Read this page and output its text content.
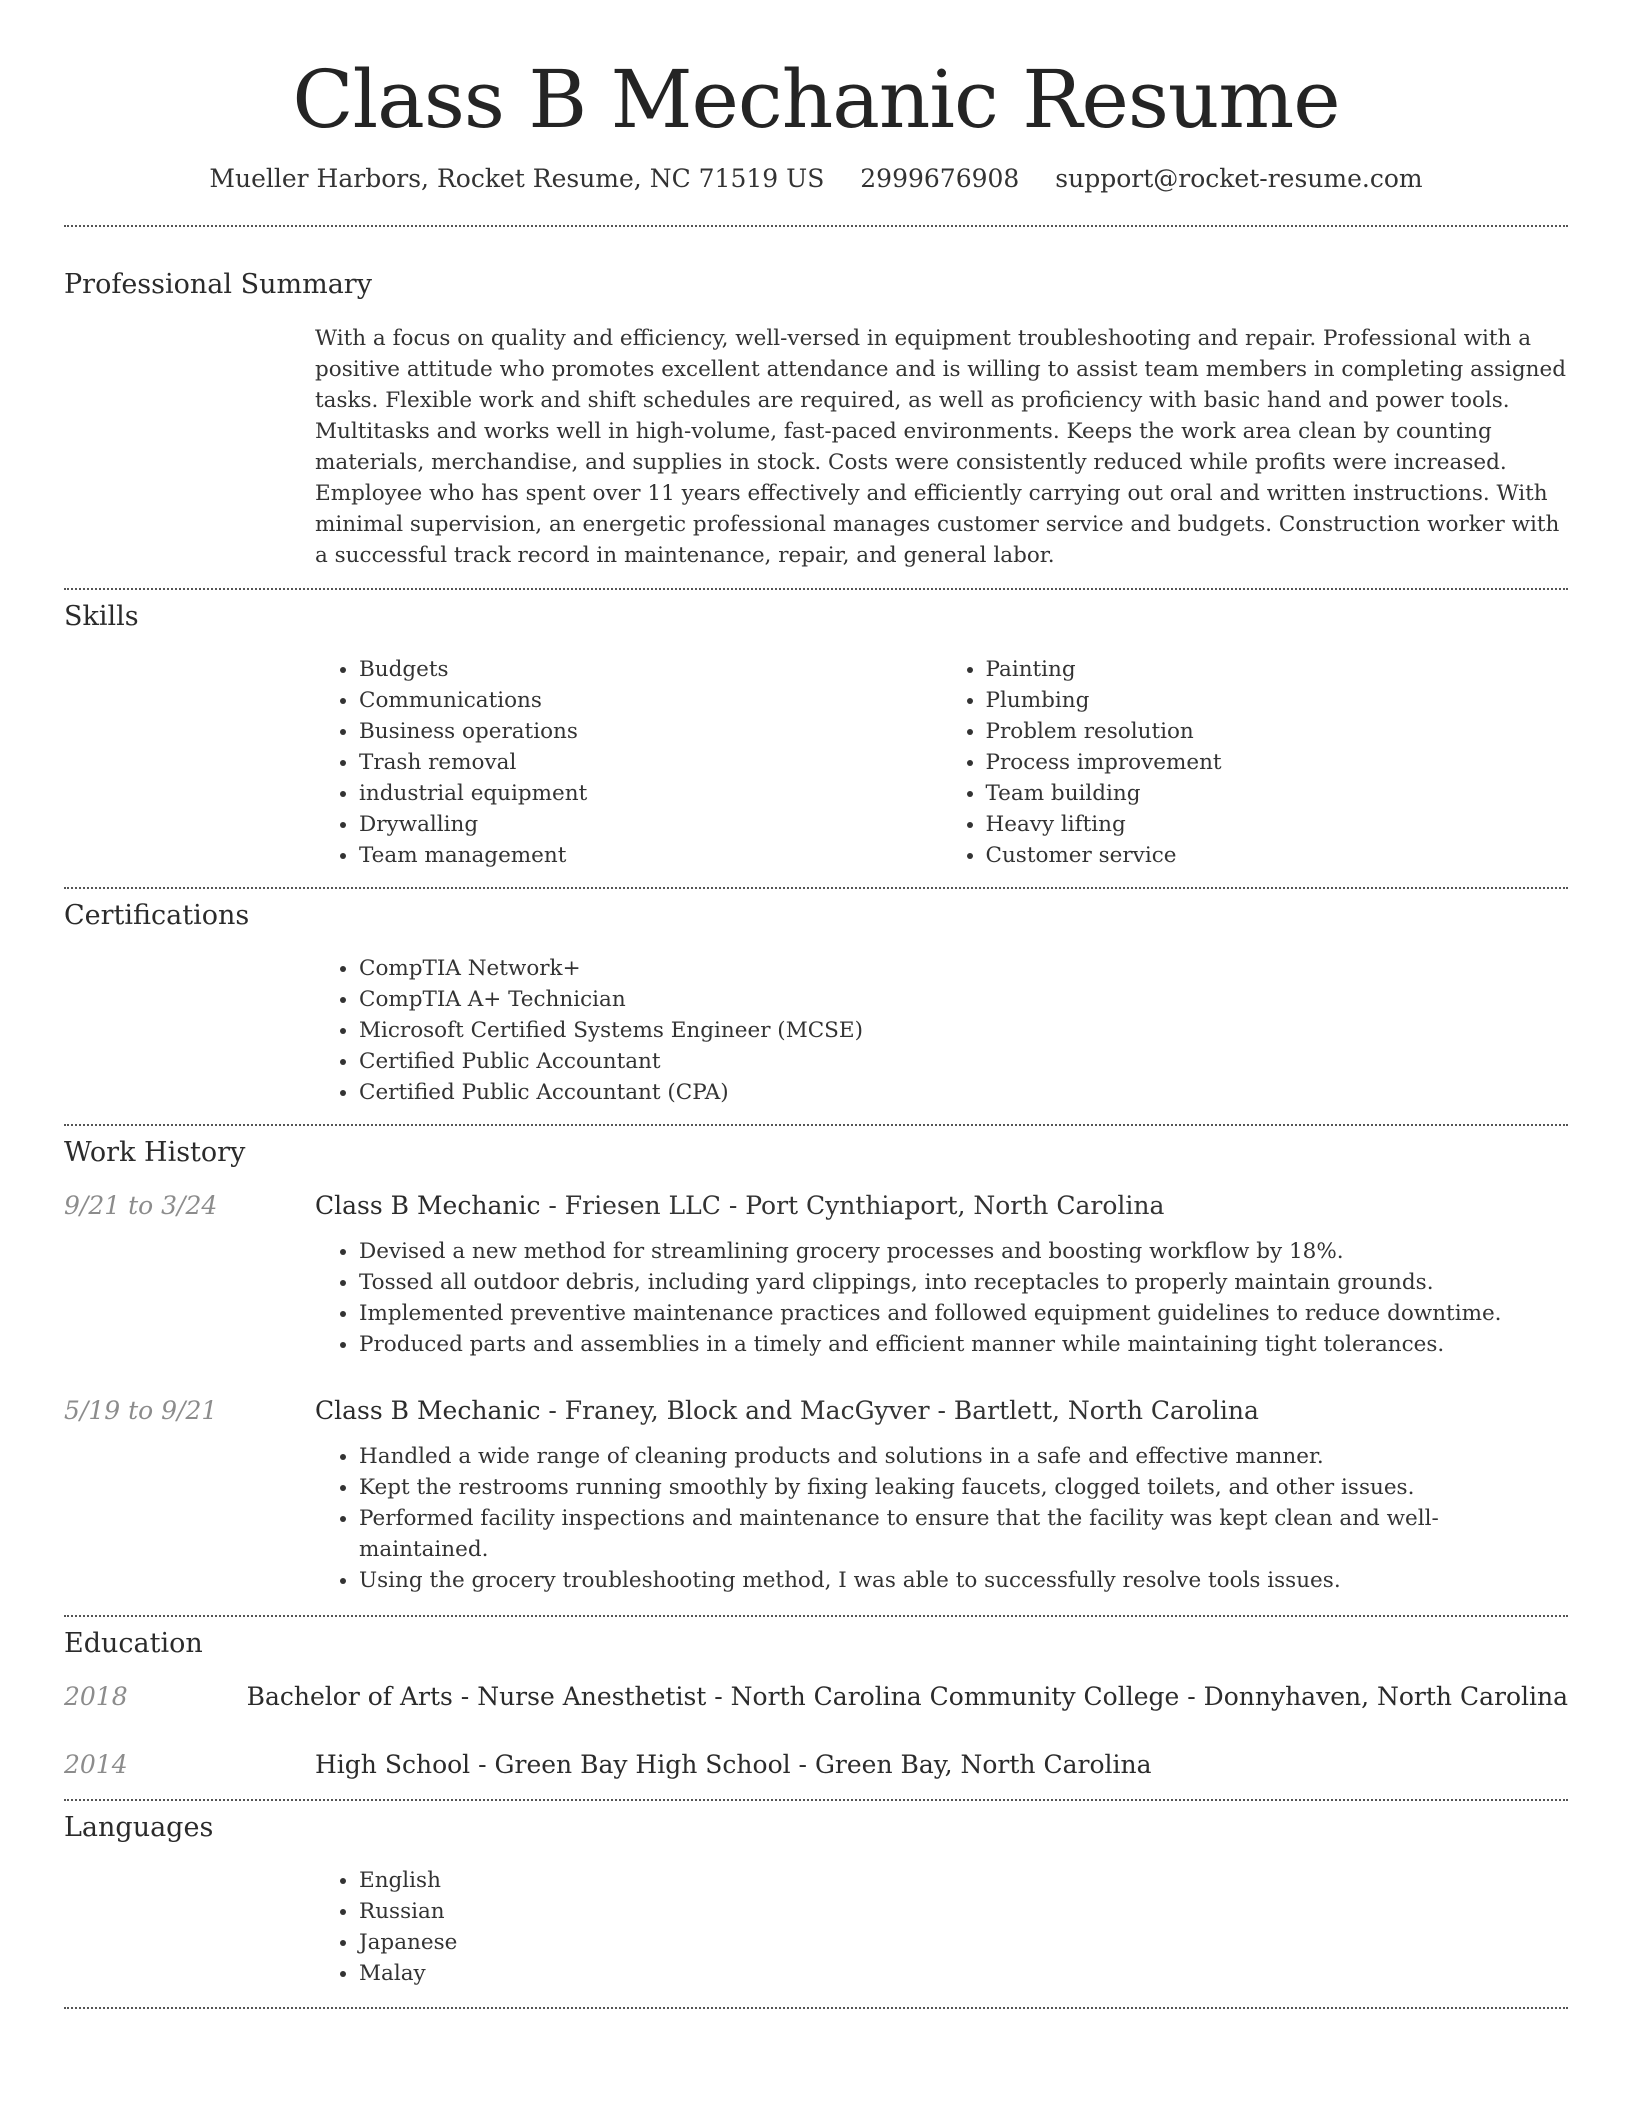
Class B Mechanic Resume
Mueller Harbors, Rocket Resume, NC 71519 US 2999676908 support@rocket-resume.com
Professional Summary
With a focus on quality and efficiency, well-versed in equipment troubleshooting and repair. Professional with a positive attitude who promotes excellent attendance and is willing to assist team members in completing assigned tasks. Flexible work and shift schedules are required, as well as proficiency with basic hand and power tools. Multitasks and works well in high-volume, fast-paced environments. Keeps the work area clean by counting materials, merchandise, and supplies in stock. Costs were consistently reduced while profits were increased. Employee who has spent over 11 years effectively and efficiently carrying out oral and written instructions. With minimal supervision, an energetic professional manages customer service and budgets. Construction worker with a successful track record in maintenance, repair, and general labor.
Skills
• Budgets
• Communications
• Business operations
• Trash removal
• industrial equipment
• Drywalling
• Team management
• Painting
• Plumbing
• Problem resolution
• Process improvement
• Team building
• Heavy lifting
• Customer service
Certifications
• CompTIA Network+
• CompTIA A+ Technician
• Microsoft Certified Systems Engineer (MCSE)
• Certified Public Accountant
• Certified Public Accountant (CPA)
Work History
9/21 to 3/24	Class B Mechanic - Friesen LLC - Port Cynthiaport, North Carolina
• Devised a new method for streamlining grocery processes and boosting workflow by 18%.
• Tossed all outdoor debris, including yard clippings, into receptacles to properly maintain grounds.
• Implemented preventive maintenance practices and followed equipment guidelines to reduce downtime.
• Produced parts and assemblies in a timely and efficient manner while maintaining tight tolerances.
5/19 to 9/21	Class B Mechanic - Franey, Block and MacGyver - Bartlett, North Carolina
• Handled a wide range of cleaning products and solutions in a safe and effective manner.
• Kept the restrooms running smoothly by fixing leaking faucets, clogged toilets, and other issues.
• Performed facility inspections and maintenance to ensure that the facility was kept clean and well-maintained.
• Using the grocery troubleshooting method, I was able to successfully resolve tools issues.
Education
2018	Bachelor of Arts - Nurse Anesthetist - North Carolina Community College - Donnyhaven, North Carolina
2014	High School - Green Bay High School - Green Bay, North Carolina
Languages
• English
• Russian
• Japanese
• Malay
